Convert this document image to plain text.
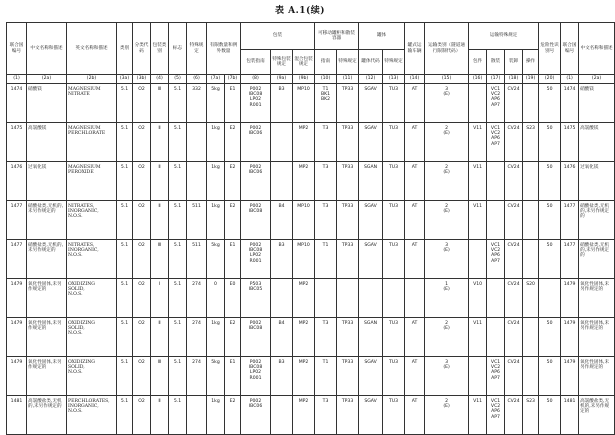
表 A.1(续)
联合国编号	中文名称和描述	英文名称和描述	类别	分类代码	包装类别	标志	特殊规定	有限数量和例外数量		包装			可移动罐柜和散装容器		罐体		罐式运输车辆	运输类别（隧道通行限制代码）	运输特殊规定				危险性识别号	联合国编号	中文名称和描述
										包装指南	特殊包装规定	混合包装规定	指南	特殊规定	罐体代码	特殊规定			包件	散装	装卸	操作			
(1)	(2a)	(2b)	(3a)	(3b)	(4)	(5)	(6)	(7a)	(7b)	(8)	(9a)	(9b)	(10)	(11)	(12)	(13)	(14)	(15)	(16)	(17)	(18)	(19)	(20)	(1)	(2a)
1474	硝酸镁	MAGNESIUM
NITRATE	5.1	O2	Ⅲ	5.1	332	5kg	E1	P002
IBC08
LP02
R001	B3	MP10	T1
BK1
BK2	TP33	SGAV	TU3	AT	3
(E)		VC1
VC2
AP6
AP7	CV24		50	1474	硝酸镁
1475	高氯酸镁	MAGNESIUM
PERCHLORATE	5.1	O2	Ⅱ	5.1		1kg	E2	P002
IBC06		MP2	T3	TP33	SGAV	TU3	AT	2
(E)	V11	VC1
VC2
AP6
AP7	CV24	S23	50	1475	高氯酸镁
1476	过氧化镁	MAGNESIUM
PEROXIDE	5.1	O2	Ⅱ	5.1		1kg	E2	P002
IBC06		MP2	T3	TP33	SGAN	TU3	AT	2
(E)	V11		CV24		50	1476	过氧化镁
1477	硝酸盐类,无机的,未另作规定的	NITRATES,
INORGANIC,
N.O.S.	5.1	O2	Ⅱ	5.1	511	1kg	E2	P002
IBC08	B4	MP10	T3	TP33	SGAV	TU3	AT	2
(E)	V11		CV24		50	1477	硝酸盐类,无机的,未另作规定的
1477	硝酸盐类,无机的,未另作规定的	NITRATES,
INORGANIC,
N.O.S.	5.1	O2	Ⅲ	5.1	511	5kg	E1	P002
IBC08
LP02
R001	B3	MP10	T1	TP33	SGAV	TU3	AT	3
(E)		VC1
VC2
AP6
AP7	CV24		50	1477	硝酸盐类,无机的,未另作规定的
1479	氧化性固体,未另作规定的	OXIDIZING
SOLID,
N.O.S.	5.1	O2	Ⅰ	5.1	274	0	E0	P503
IBC05		MP2						1
(E)	V10		CV24	S20		1479	氧化性固体,未另作规定的
1479	氧化性固体,未另作规定的	OXIDIZING
SOLID,
N.O.S.	5.1	O2	Ⅱ	5.1	274	1kg	E2	P002
IBC08	B4	MP2	T3	TP33	SGAN	TU3	AT	2
(E)	V11		CV24		50	1479	氧化性固体,未另作规定的
1479	氧化性固体,未另作规定的	OXIDIZING
SOLID,
N.O.S.	5.1	O2	Ⅲ	5.1	274	5kg	E1	P002
IBC08
LP02
R001	B3	MP2	T1	TP33	SGAV	TU3	AT	3
(E)		VC1
VC2
AP6
AP7	CV24		50	1479	氧化性固体,未另作规定的
1481	高氯酸盐类,无机的,未另作规定的	PERCHLORATES,
INORGANIC,
N.O.S.	5.1	O2	Ⅱ	5.1		1kg	E2	P002
IBC06		MP2	T3	TP33	SGAV	TU3	AT	2
(E)	V11	VC1
VC2
AP6
AP7	CV24	S23	50	1481	高氯酸盐类,无机的,未另作规定的
